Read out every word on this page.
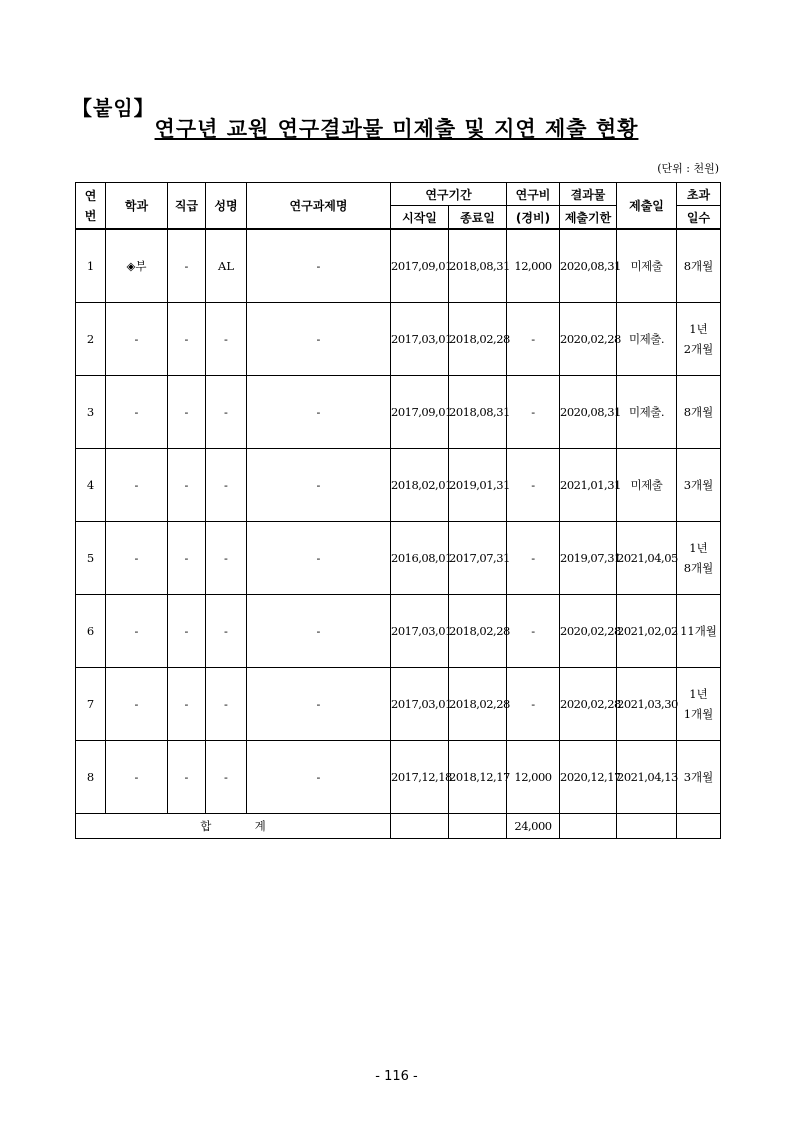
【붙임】
연구년 교원 연구결과물 미제출 및 지연 제출 현황
(단위 : 천원)
연번	학과	직급	성명	연구과제명	연구기간		연구비	결과물	제출일	초과
					시작일	종료일	(경비)	제출기한		일수
1	◈부	-	AL	-	2017,09,01	2018,08,31	12,000	2020,08,31	미제출	8개월

2	-	-	-	-	2017,03,01	2018,02,28	-	2020,02,28	미제출.	1년
2개월

3	-	-	-	-	2017,09,01	2018,08,31	-	2020,08,31	미제출.	8개월

4	-	-	-	-	2018,02,01	2019,01,31	-	2021,01,31	미제출	3개월

5	-	-	-	-	2016,08,01	2017,07,31	-	2019,07,31	2021,04,05	1년
8개월

6	-	-	-	-	2017,03,01	2018,02,28	-	2020,02,28	2021,02,02	11개월

7	-	-	-	-	2017,03,01	2018,02,28	-	2020,02,28	2021,03,30	1년
1개월

8	-	-	-	-	2017,12,18	2018,12,17	12,000	2020,12,17	2021,04,13	3개월

합 계							24,000			
- 116 -
